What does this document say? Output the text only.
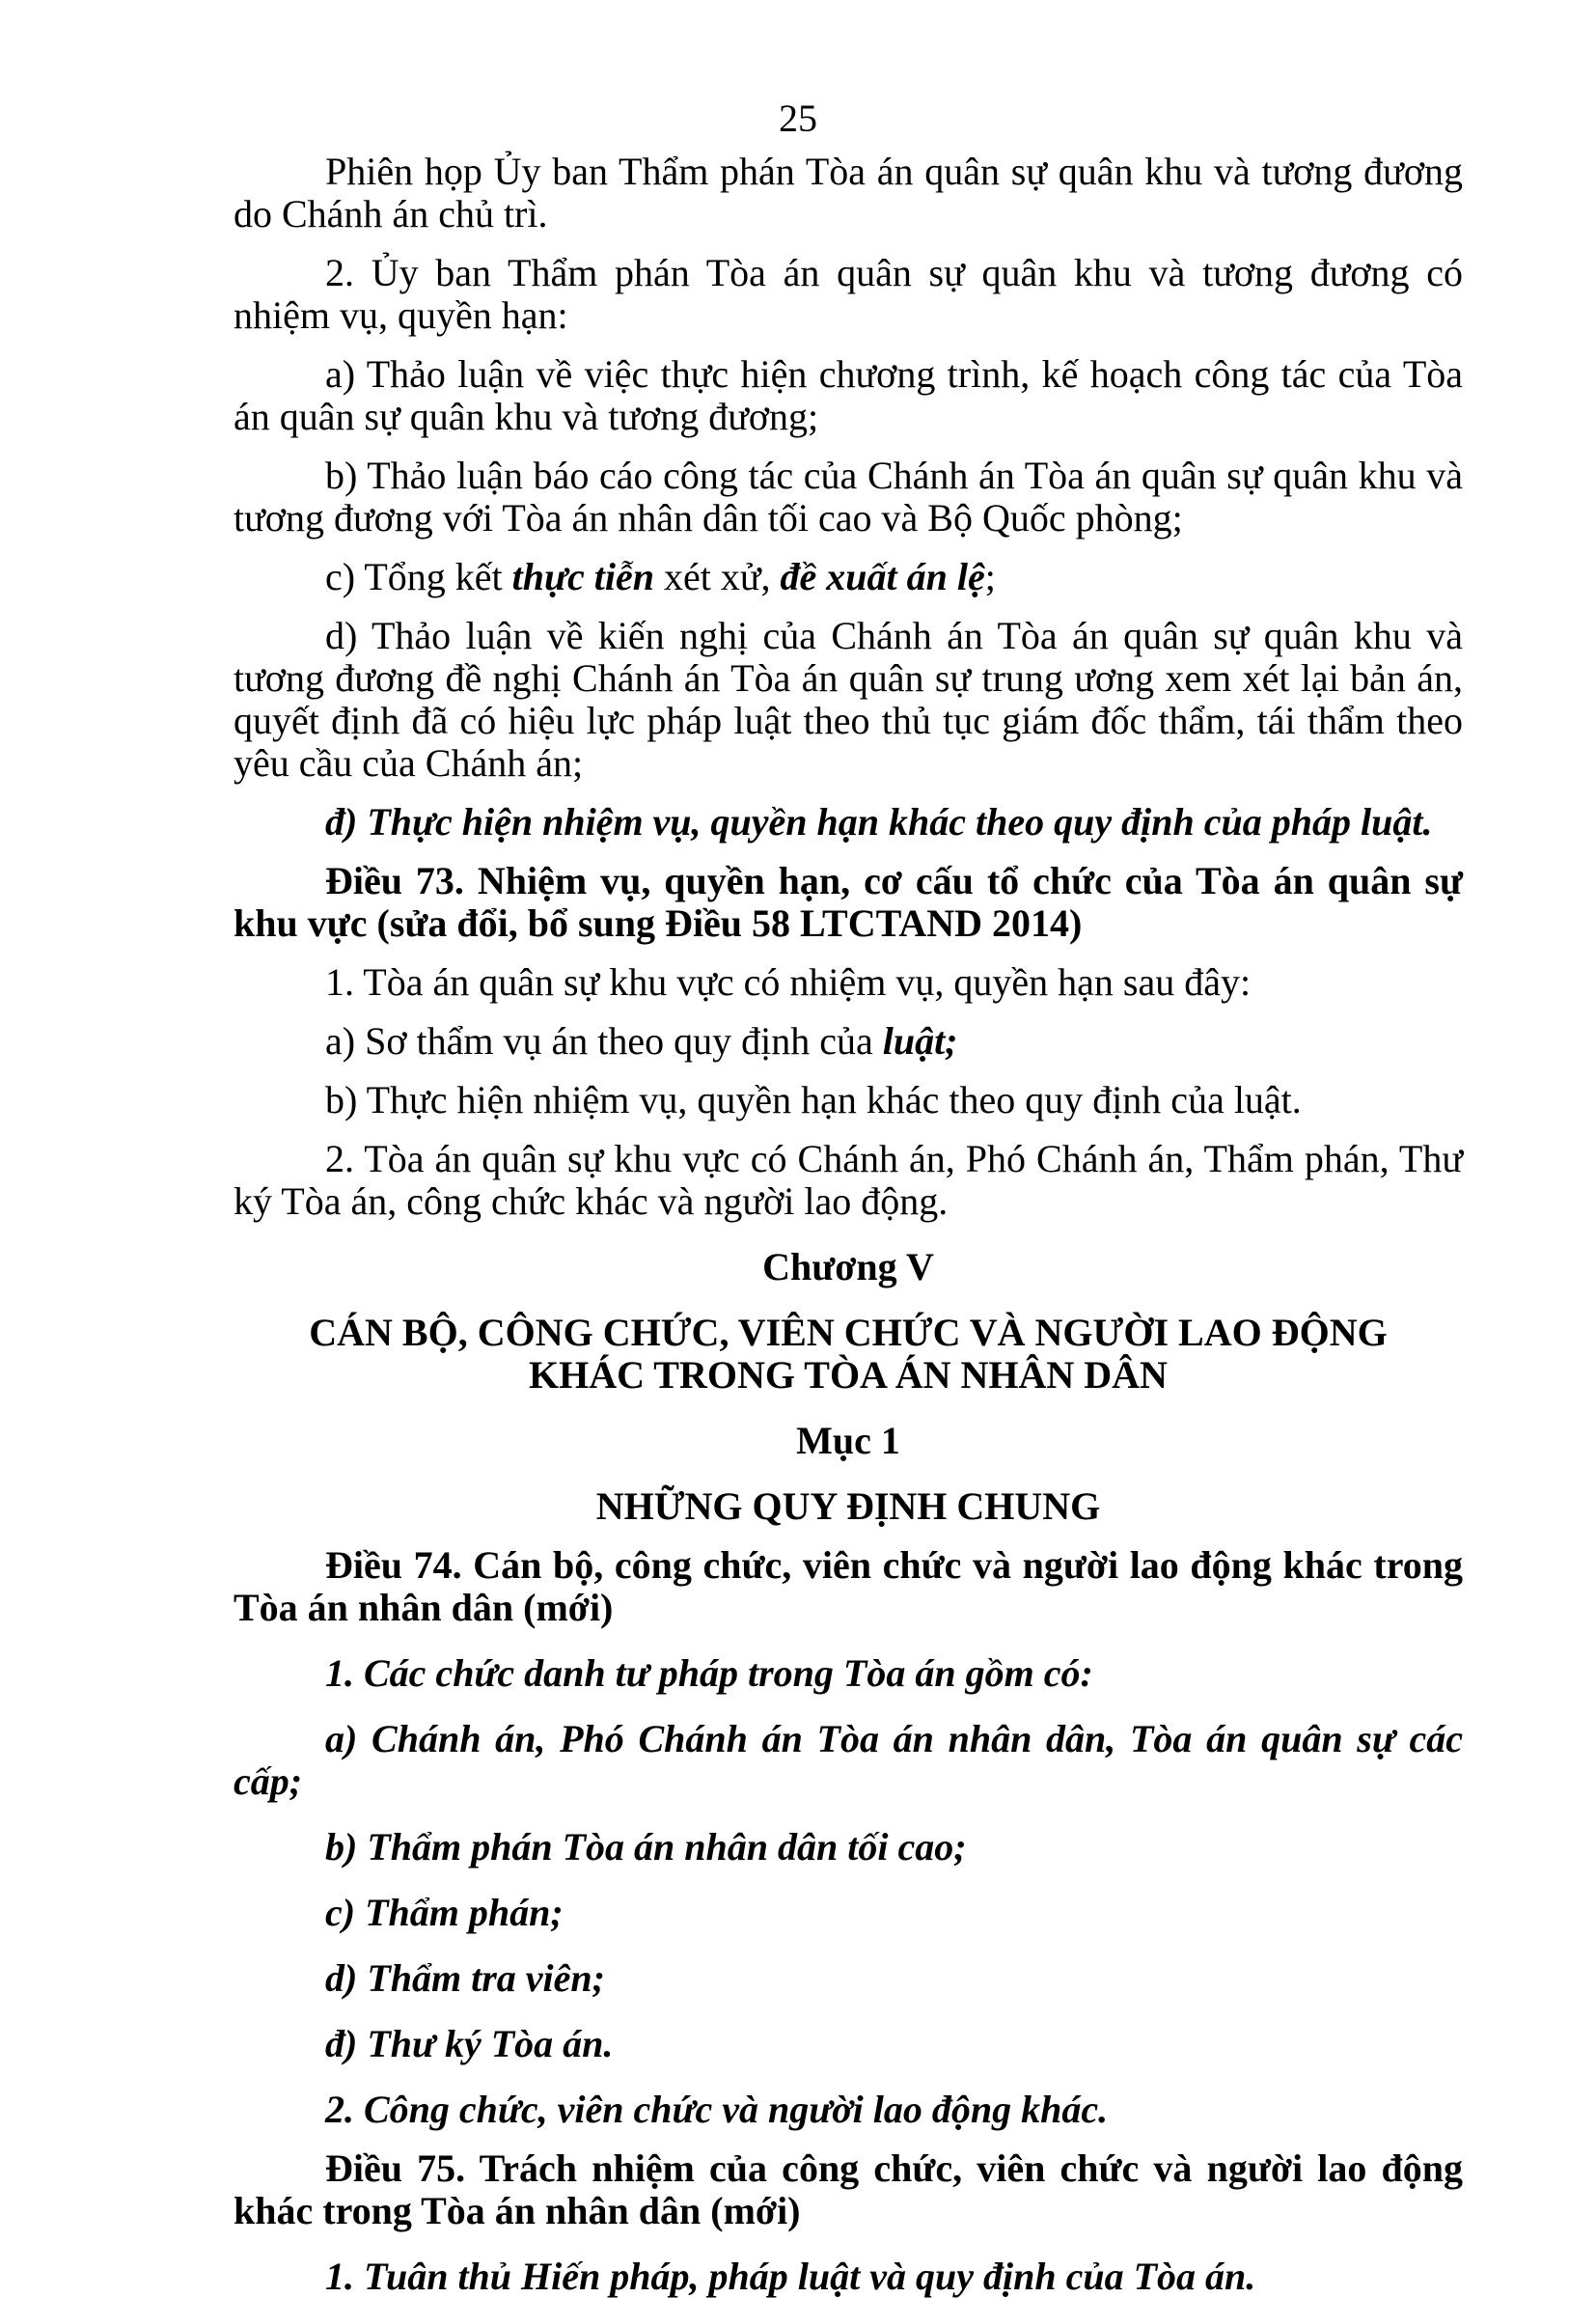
25

Phiên họp Ủy ban Thẩm phán Tòa án quân sự quân khu và tương đương do Chánh án chủ trì.

2. Ủy ban Thẩm phán Tòa án quân sự quân khu và tương đương có nhiệm vụ, quyền hạn:

a) Thảo luận về việc thực hiện chương trình, kế hoạch công tác của Tòa án quân sự quân khu và tương đương;

b) Thảo luận báo cáo công tác của Chánh án Tòa án quân sự quân khu và tương đương với Tòa án nhân dân tối cao và Bộ Quốc phòng;

c) Tổng kết thực tiễn xét xử, đề xuất án lệ;

d) Thảo luận về kiến nghị của Chánh án Tòa án quân sự quân khu và tương đương đề nghị Chánh án Tòa án quân sự trung ương xem xét lại bản án, quyết định đã có hiệu lực pháp luật theo thủ tục giám đốc thẩm, tái thẩm theo yêu cầu của Chánh án;

đ) Thực hiện nhiệm vụ, quyền hạn khác theo quy định của pháp luật.

Điều 73. Nhiệm vụ, quyền hạn, cơ cấu tổ chức của Tòa án quân sự khu vực (sửa đổi, bổ sung Điều 58 LTCTAND 2014)

1. Tòa án quân sự khu vực có nhiệm vụ, quyền hạn sau đây:

a) Sơ thẩm vụ án theo quy định của luật;

b) Thực hiện nhiệm vụ, quyền hạn khác theo quy định của luật.

2. Tòa án quân sự khu vực có Chánh án, Phó Chánh án, Thẩm phán, Thư ký Tòa án, công chức khác và người lao động.

Chương V

CÁN BỘ, CÔNG CHỨC, VIÊN CHỨC VÀ NGƯỜI LAO ĐỘNG
KHÁC TRONG TÒA ÁN NHÂN DÂN

Mục 1

NHỮNG QUY ĐỊNH CHUNG

Điều 74. Cán bộ, công chức, viên chức và người lao động khác trong Tòa án nhân dân (mới)

1. Các chức danh tư pháp trong Tòa án gồm có:

a) Chánh án, Phó Chánh án Tòa án nhân dân, Tòa án quân sự các cấp;

b) Thẩm phán Tòa án nhân dân tối cao;

c) Thẩm phán;

d) Thẩm tra viên;

đ) Thư ký Tòa án.

2. Công chức, viên chức và người lao động khác.

Điều 75. Trách nhiệm của công chức, viên chức và người lao động khác trong Tòa án nhân dân (mới)

1. Tuân thủ Hiến pháp, pháp luật và quy định của Tòa án.
